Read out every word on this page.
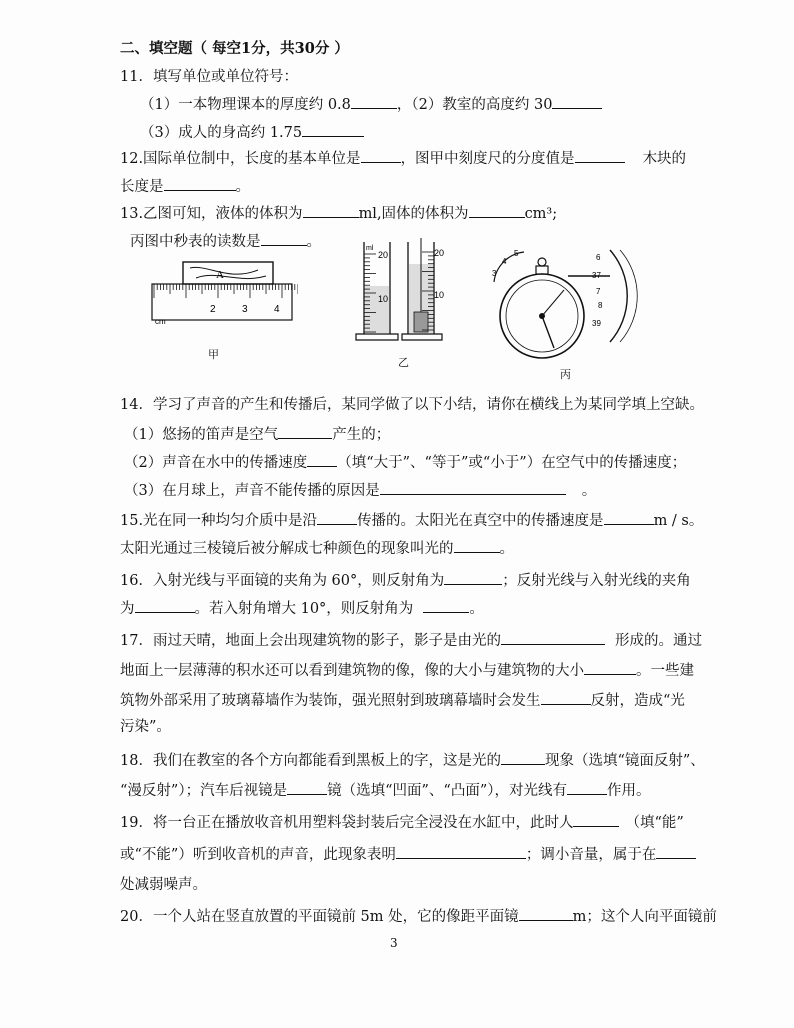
二、填空题（ 每空1分，共30分 ）
11．填写单位或单位符号：
（1）一本物理课本的厚度约 0.8	，（2）教室的高度约 30
（3）成人的身高约 1.75
12.国际单位制中，长度的基本单位是	，图甲中刻度尺的分度值是	木块的
长度是	。
13.乙图可知，液体的体积为	ml,固体的体积为	cm³;
丙图中秒表的读数是	。
A
2	3	4
cm
甲
ml
20
10
20
10
乙
3
4
5	6
37
7
8
39
丙
14．学习了声音的产生和传播后，某同学做了以下小结，请你在横线上为某同学填上空缺。
（1）悠扬的笛声是空气	产生的；
（2）声音在水中的传播速度 （填“大于”、“等于”或“小于”）在空气中的传播速度；
（3）在月球上，声音不能传播的原因是	。
15.光在同一种均匀介质中是沿	传播的。太阳光在真空中的传播速度是	m / s。
太阳光通过三棱镜后被分解成七种颜色的现象叫光的	。
16．入射光线与平面镜的夹角为 60°，则反射角为	；反射光线与入射光线的夹角
为	。若入射角增大 10°，则反射角为	。
17．雨过天晴，地面上会出现建筑物的影子，影子是由光的	形成的。通过
地面上一层薄薄的积水还可以看到建筑物的像，像的大小与建筑物的大小	。一些建
筑物外部采用了玻璃幕墙作为装饰，强光照射到玻璃幕墙时会发生	反射，造成“光
污染”。
18．我们在教室的各个方向都能看到黑板上的字，这是光的	现象（选填“镜面反射”、
“漫反射”）；汽车后视镜是	镜（选填“凹面”、“凸面”），对光线有	作用。
19．将一台正在播放收音机用塑料袋封装后完全浸没在水缸中，此时人	（填“能”
或“不能”）听到收音机的声音，此现象表明	；调小音量，属于在
处减弱噪声。
20．一个人站在竖直放置的平面镜前 5m 处，它的像距平面镜	m；这个人向平面镜前
3
